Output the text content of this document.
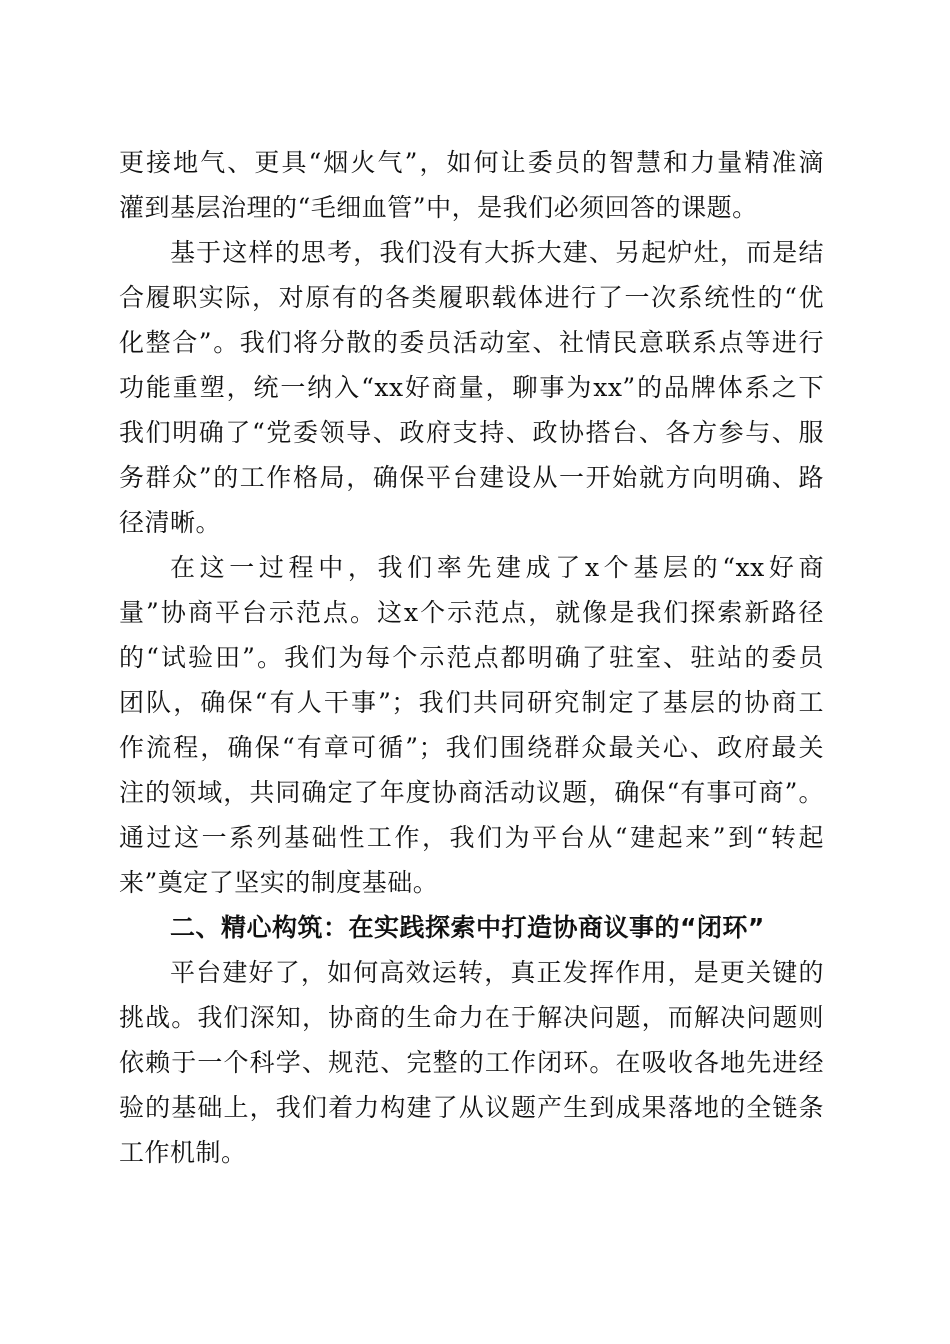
更接地气、更具“烟火气”，如何让委员的智慧和力量精准滴
灌到基层治理的“毛细血管”中，是我们必须回答的课题。
基于这样的思考，我们没有大拆大建、另起炉灶，而是结
合履职实际，对原有的各类履职载体进行了一次系统性的“优
化整合”。我们将分散的委员活动室、社情民意联系点等进行
功能重塑，统一纳入“xx好商量，聊事为xx”的品牌体系之下
我们明确了“党委领导、政府支持、政协搭台、各方参与、服
务群众”的工作格局，确保平台建设从一开始就方向明确、路
径清晰。
在这一过程中，我们率先建成了x个基层的“xx好商
量”协商平台示范点。这x个示范点，就像是我们探索新路径
的“试验田”。我们为每个示范点都明确了驻室、驻站的委员
团队，确保“有人干事”；我们共同研究制定了基层的协商工
作流程，确保“有章可循”；我们围绕群众最关心、政府最关
注的领域，共同确定了年度协商活动议题，确保“有事可商”。
通过这一系列基础性工作，我们为平台从“建起来”到“转起
来”奠定了坚实的制度基础。
二、精心构筑：在实践探索中打造协商议事的“闭环”
平台建好了，如何高效运转，真正发挥作用，是更关键的
挑战。我们深知，协商的生命力在于解决问题，而解决问题则
依赖于一个科学、规范、完整的工作闭环。在吸收各地先进经
验的基础上，我们着力构建了从议题产生到成果落地的全链条
工作机制。
